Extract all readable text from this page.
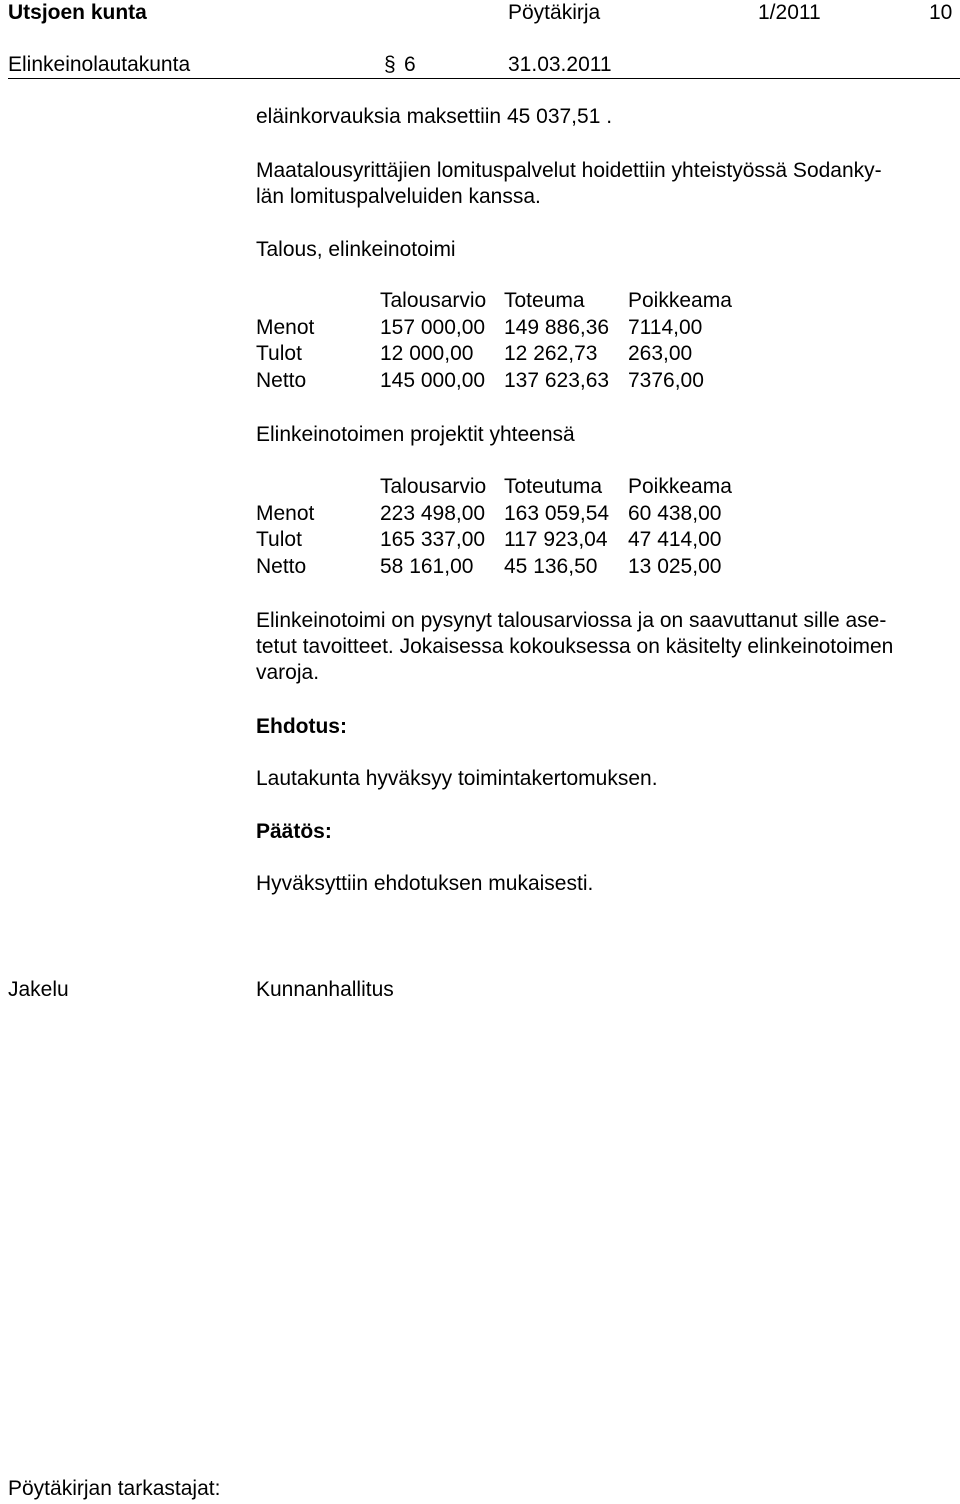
Utsjoen kunta	Pöytäkirja	1/2011	10
Elinkeinolautakunta	§ 6	31.03.2011
eläinkorvauksia maksettiin 45 037,51 .
Maatalousyrittäjien lomituspalvelut hoidettiin yhteistyössä Sodanky-
län lomituspalveluiden kanssa.
Talous, elinkeinotoimi
	Talousarvio	Toteuma	Poikkeama
Menot	157 000,00	149 886,36	7114,00
Tulot	12 000,00	12 262,73	263,00
Netto	145 000,00	137 623,63	7376,00
Elinkeinotoimen projektit yhteensä
	Talousarvio	Toteutuma	Poikkeama
Menot	223 498,00	163 059,54	60 438,00
Tulot	165 337,00	117 923,04	47 414,00
Netto	58 161,00	45 136,50	13 025,00
Elinkeinotoimi on pysynyt talousarviossa ja on saavuttanut sille ase-
tetut tavoitteet. Jokaisessa kokouksessa on käsitelty elinkeinotoimen
varoja.
Ehdotus:
Lautakunta hyväksyy toimintakertomuksen.
Päätös:
Hyväksyttiin ehdotuksen mukaisesti.
Jakelu	Kunnanhallitus
Pöytäkirjan tarkastajat:
